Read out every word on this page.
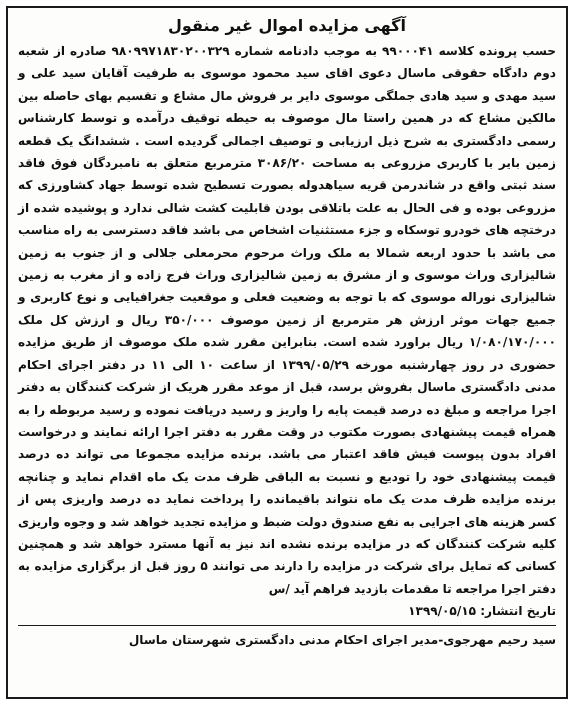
آگهی مزایده اموال غیر منقول

حسب پرونده کلاسه ۹۹۰۰۰۴۱ به موجب دادنامه شماره ۹۸۰۹۹۷۱۸۳۰۲۰۰۳۲۹ صادره از شعبه دوم دادگاه حقوقی ماسال دعوی اقای سید محمود موسوی به طرفیت آقایان سید علی و سید مهدی و سید هادی جملگی موسوی دایر بر فروش مال مشاع و تقسیم بهای حاصله بین مالکین مشاع که در همین راستا مال موصوف به حیطه توقیف درآمده و توسط کارشناس رسمی دادگستری به شرح ذیل ارزیابی و توصیف اجمالی گردیده است . ششدانگ یک قطعه زمین بایر با کاربری مزروعی به مساحت ۳۰۸۶/۲۰ مترمربع متعلق به نامبردگان فوق فاقد سند ثبتی واقع در شاندرمن قریه سیاهدوله بصورت تسطیح شده توسط جهاد کشاورزی که مزروعی بوده و فی الحال به علت باتلاقی بودن قابلیت کشت شالی ندارد و پوشیده شده از درختچه های خودرو توسکاه و جزء مستثنیات اشخاص می باشد فاقد دسترسی به راه مناسب می باشد با حدود اربعه شمالا به ملک وراث مرحوم محرمعلی جلالی و از جنوب به زمین شالیزاری وراث موسوی و از مشرق به زمین شالیزاری وراث فرج زاده و از مغرب به زمین شالیزاری نوراله موسوی که با توجه به وضعیت فعلی و موقعیت جغرافیایی و نوع کاربری و جمیع جهات موثر ارزش هر مترمربع از زمین موصوف ۳۵۰/۰۰۰ ریال و ارزش کل ملک ۱/۰۸۰/۱۷۰/۰۰۰ ریال براورد شده است. بنابراین مقرر شده ملک موصوف از طریق مزایده حضوری در روز چهارشنبه مورخه ۱۳۹۹/۰۵/۲۹ از ساعت ۱۰ الی ۱۱ در دفتر اجرای احکام مدنی دادگستری ماسال بفروش برسد، قبل از موعد مقرر هریک از شرکت کنندگان به دفتر اجرا مراجعه و مبلغ ده درصد قیمت پایه را واریز و رسید دریافت نموده و رسید مربوطه را به همراه قیمت پیشنهادی بصورت مکتوب در وقت مقرر به دفتر اجرا ارائه نمایند و درخواست افراد بدون پیوست فیش فاقد اعتبار می باشد. برنده مزایده مجموعا می تواند ده درصد قیمت پیشنهادی خود را تودیع و نسبت به الباقی ظرف مدت یک ماه اقدام نماید و چنانچه برنده مزایده ظرف مدت یک ماه نتواند باقیمانده را پرداخت نماید ده درصد واریزی پس از کسر هزینه های اجرایی به نفع صندوق دولت ضبط و مزایده تجدید خواهد شد و وجوه واریزی کلیه شرکت کنندگان که در مزایده برنده نشده اند نیز به آنها مسترد خواهد شد و همچنین کسانی که تمایل برای شرکت در مزایده را دارند می توانند ۵ روز قبل از برگزاری مزایده به دفتر اجرا مراجعه تا مقدمات بازدید فراهم آید /س

تاریخ انتشار: ۱۳۹۹/۰۵/۱۵

سید رحیم مهرجوی-مدیر اجرای احکام مدنی دادگستری شهرستان ماسال
